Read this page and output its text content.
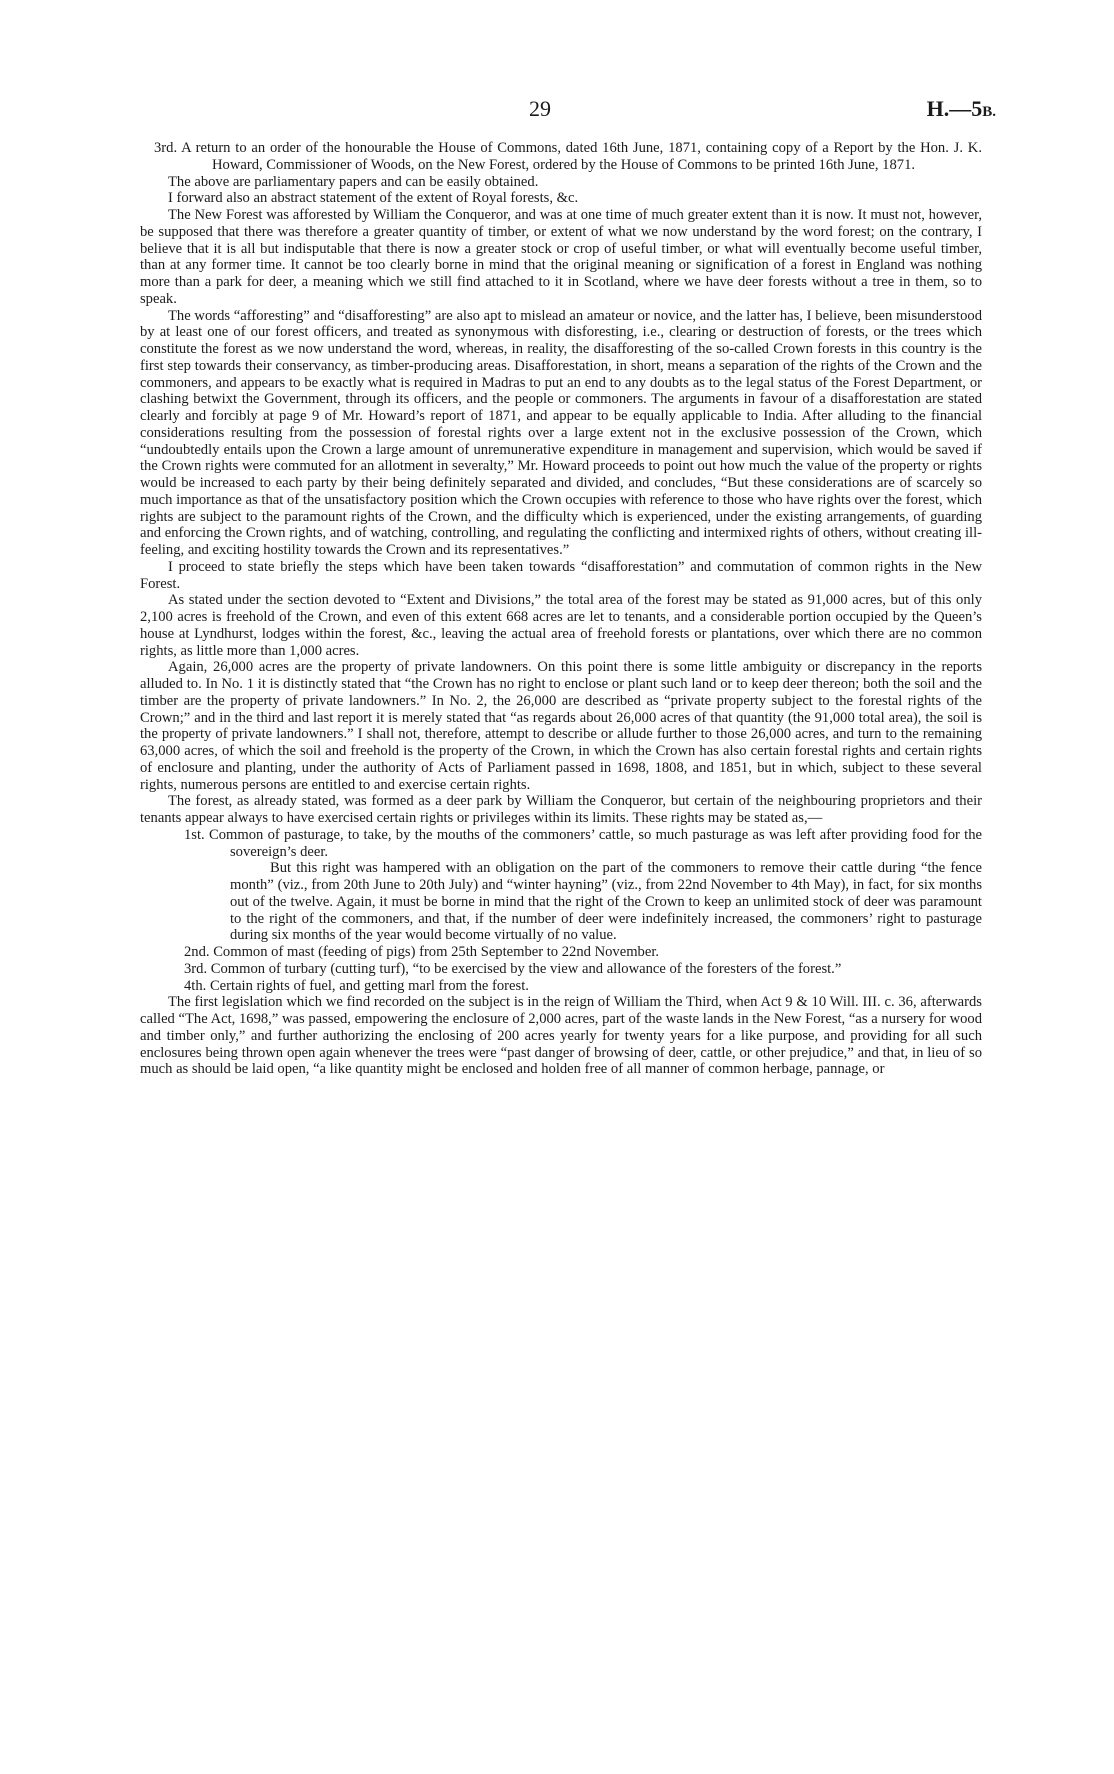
29	H.—5B.

3rd. A return to an order of the honourable the House of Commons, dated 16th June, 1871, containing copy of a Report by the Hon. J. K. Howard, Commissioner of Woods, on the New Forest, ordered by the House of Commons to be printed 16th June, 1871.

The above are parliamentary papers and can be easily obtained.

I forward also an abstract statement of the extent of Royal forests, &c.

The New Forest was afforested by William the Conqueror, and was at one time of much greater extent than it is now. It must not, however, be supposed that there was therefore a greater quantity of timber, or extent of what we now understand by the word forest; on the contrary, I believe that it is all but indisputable that there is now a greater stock or crop of useful timber, or what will eventually become useful timber, than at any former time. It cannot be too clearly borne in mind that the original meaning or signification of a forest in England was nothing more than a park for deer, a meaning which we still find attached to it in Scotland, where we have deer forests without a tree in them, so to speak.

The words “afforesting” and “disafforesting” are also apt to mislead an amateur or novice, and the latter has, I believe, been misunderstood by at least one of our forest officers, and treated as synonymous with disforesting, i.e., clearing or destruction of forests, or the trees which constitute the forest as we now understand the word, whereas, in reality, the disafforesting of the so-called Crown forests in this country is the first step towards their conservancy, as timber-producing areas. Disafforestation, in short, means a separation of the rights of the Crown and the commoners, and appears to be exactly what is required in Madras to put an end to any doubts as to the legal status of the Forest Department, or clashing betwixt the Government, through its officers, and the people or commoners. The arguments in favour of a disafforestation are stated clearly and forcibly at page 9 of Mr. Howard’s report of 1871, and appear to be equally applicable to India. After alluding to the financial considerations resulting from the possession of forestal rights over a large extent not in the exclusive possession of the Crown, which “undoubtedly entails upon the Crown a large amount of unremunerative expenditure in management and supervision, which would be saved if the Crown rights were commuted for an allotment in severalty,” Mr. Howard proceeds to point out how much the value of the property or rights would be increased to each party by their being definitely separated and divided, and concludes, “But these considerations are of scarcely so much importance as that of the unsatisfactory position which the Crown occupies with reference to those who have rights over the forest, which rights are subject to the paramount rights of the Crown, and the difficulty which is experienced, under the existing arrangements, of guarding and enforcing the Crown rights, and of watching, controlling, and regulating the conflicting and intermixed rights of others, without creating ill-feeling, and exciting hostility towards the Crown and its representatives.”

I proceed to state briefly the steps which have been taken towards “disafforestation” and commutation of common rights in the New Forest.

As stated under the section devoted to “Extent and Divisions,” the total area of the forest may be stated as 91,000 acres, but of this only 2,100 acres is freehold of the Crown, and even of this extent 668 acres are let to tenants, and a considerable portion occupied by the Queen’s house at Lyndhurst, lodges within the forest, &c., leaving the actual area of freehold forests or plantations, over which there are no common rights, as little more than 1,000 acres.

Again, 26,000 acres are the property of private landowners. On this point there is some little ambiguity or discrepancy in the reports alluded to. In No. 1 it is distinctly stated that “the Crown has no right to enclose or plant such land or to keep deer thereon; both the soil and the timber are the property of private landowners.” In No. 2, the 26,000 are described as “private property subject to the forestal rights of the Crown;” and in the third and last report it is merely stated that “as regards about 26,000 acres of that quantity (the 91,000 total area), the soil is the property of private landowners.” I shall not, therefore, attempt to describe or allude further to those 26,000 acres, and turn to the remaining 63,000 acres, of which the soil and freehold is the property of the Crown, in which the Crown has also certain forestal rights and certain rights of enclosure and planting, under the authority of Acts of Parliament passed in 1698, 1808, and 1851, but in which, subject to these several rights, numerous persons are entitled to and exercise certain rights.

The forest, as already stated, was formed as a deer park by William the Conqueror, but certain of the neighbouring proprietors and their tenants appear always to have exercised certain rights or privileges within its limits. These rights may be stated as,—

1st. Common of pasturage, to take, by the mouths of the commoners’ cattle, so much pasturage as was left after providing food for the sovereign’s deer.

But this right was hampered with an obligation on the part of the commoners to remove their cattle during “the fence month” (viz., from 20th June to 20th July) and “winter hayning” (viz., from 22nd November to 4th May), in fact, for six months out of the twelve. Again, it must be borne in mind that the right of the Crown to keep an unlimited stock of deer was paramount to the right of the commoners, and that, if the number of deer were indefinitely increased, the commoners’ right to pasturage during six months of the year would become virtually of no value.

2nd. Common of mast (feeding of pigs) from 25th September to 22nd November.

3rd. Common of turbary (cutting turf), “to be exercised by the view and allowance of the foresters of the forest.”

4th. Certain rights of fuel, and getting marl from the forest.

The first legislation which we find recorded on the subject is in the reign of William the Third, when Act 9 & 10 Will. III. c. 36, afterwards called “The Act, 1698,” was passed, empowering the enclosure of 2,000 acres, part of the waste lands in the New Forest, “as a nursery for wood and timber only,” and further authorizing the enclosing of 200 acres yearly for twenty years for a like purpose, and providing for all such enclosures being thrown open again whenever the trees were “past danger of browsing of deer, cattle, or other prejudice,” and that, in lieu of so much as should be laid open, “a like quantity might be enclosed and holden free of all manner of common herbage, pannage, or
